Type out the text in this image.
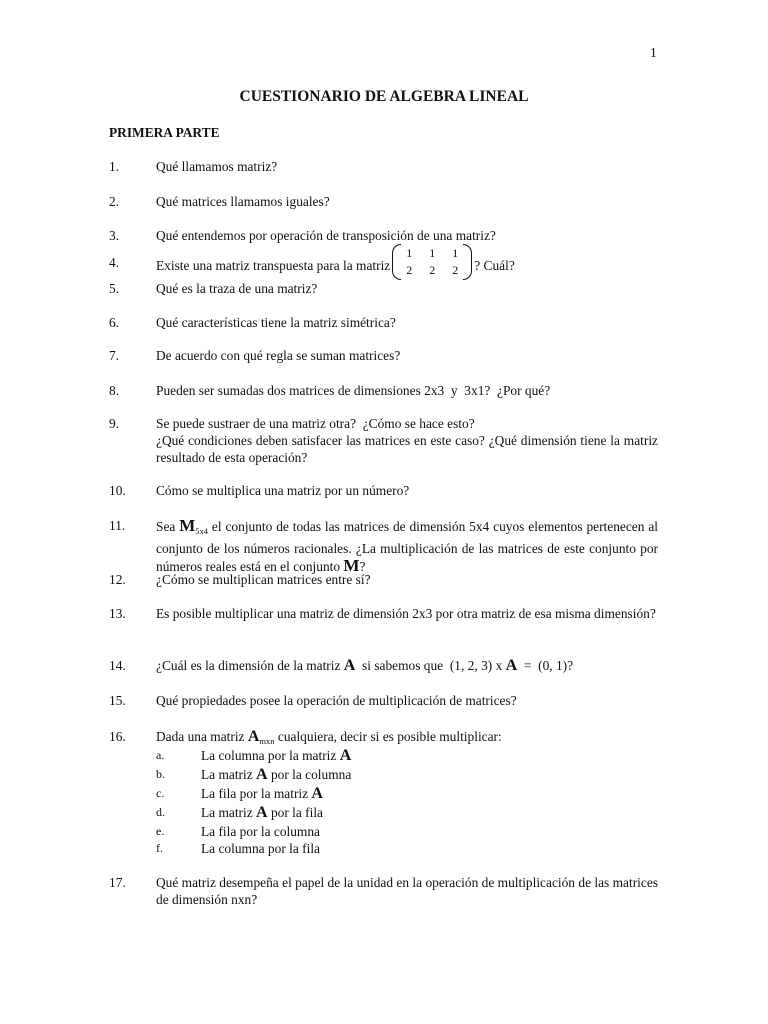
1
CUESTIONARIO DE ALGEBRA LINEAL
PRIMERA PARTE
1.	Qué llamamos matriz?
2.	Qué matrices llamamos iguales?
3.	Qué entendemos por operación de transposición de una matriz?
4.	Existe una matriz transpuesta para la matriz
1	1	1
2	2	2	? Cuál?
5.	Qué es la traza de una matriz?
6.	Qué características tiene la matriz simétrica?
7.	De acuerdo con qué regla se suman matrices?
8.	Pueden ser sumadas dos matrices de dimensiones 2x3  y  3x1?  ¿Por qué?
9.	Se puede sustraer de una matriz otra?  ¿Cómo se hace esto?
¿Qué condiciones deben satisfacer las matrices en este caso? ¿Qué dimensión tiene la matriz resultado de esta operación?
10. Cómo se multiplica una matriz por un número?
11. Sea $M_{5x4}$ el conjunto de todas las matrices de dimensión 5x4 cuyos elementos pertenecen al conjunto de los números racionales. ¿La multiplicación de las matrices de este conjunto por números reales está en el conjunto M?
12. ¿Cómo se multiplican matrices entre sí?
13. Es posible multiplicar una matriz de dimensión 2x3 por otra matriz de esa misma dimensión?
14. ¿Cuál es la dimensión de la matriz A  si sabemos que  (1, 2, 3) x A  =  (0, 1)?
15. Qué propiedades posee la operación de multiplicación de matrices?
16. Dada una matriz $A_{mxn}$ cualquiera, decir si es posible multiplicar:
a.	La columna por la matriz A
b.	La matriz A por la columna
c.	La fila por la matriz A
d.	La matriz A por la fila
e.	La fila por la columna
f.	La columna por la fila
17. Qué matriz desempeña el papel de la unidad en la operación de multiplicación de las matrices de dimensión nxn?
